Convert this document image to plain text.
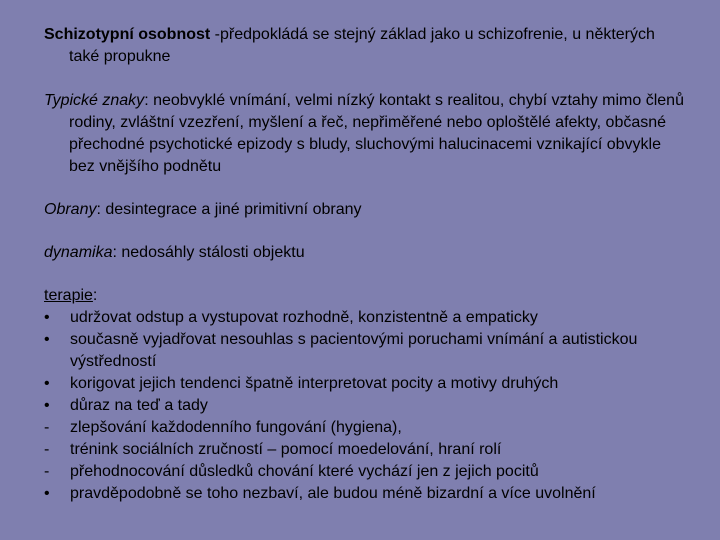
Schizotypní osobnost -předpokládá se stejný základ jako u schizofrenie, u některých také propukne

Typické znaky: neobvyklé vnímání, velmi nízký kontakt s realitou, chybí vztahy mimo členů rodiny, zvláštní vzezření, myšlení a řeč, nepřiměřené nebo oploštělé afekty, občasné přechodné psychotické epizody s bludy, sluchovými halucinacemi vznikající obvykle bez vnějšího podnětu

Obrany: desintegrace a jiné primitivní obrany

dynamika: nedosáhly stálosti objektu

terapie:

•	udržovat odstup a vystupovat rozhodně, konzistentně a empaticky
•	současně vyjadřovat nesouhlas s pacientovými poruchami vnímání a autistickou výstředností
•	korigovat jejich tendenci špatně interpretovat pocity a motivy druhých
•	důraz na teď a tady
-	zlepšování každodenního fungování (hygiena),
-	trénink sociálních zručností – pomocí moedelování, hraní rolí
-	přehodnocování důsledků chování které vychází jen z jejich pocitů
•	pravděpodobně se toho nezbaví, ale budou méně bizardní a více uvolnění
